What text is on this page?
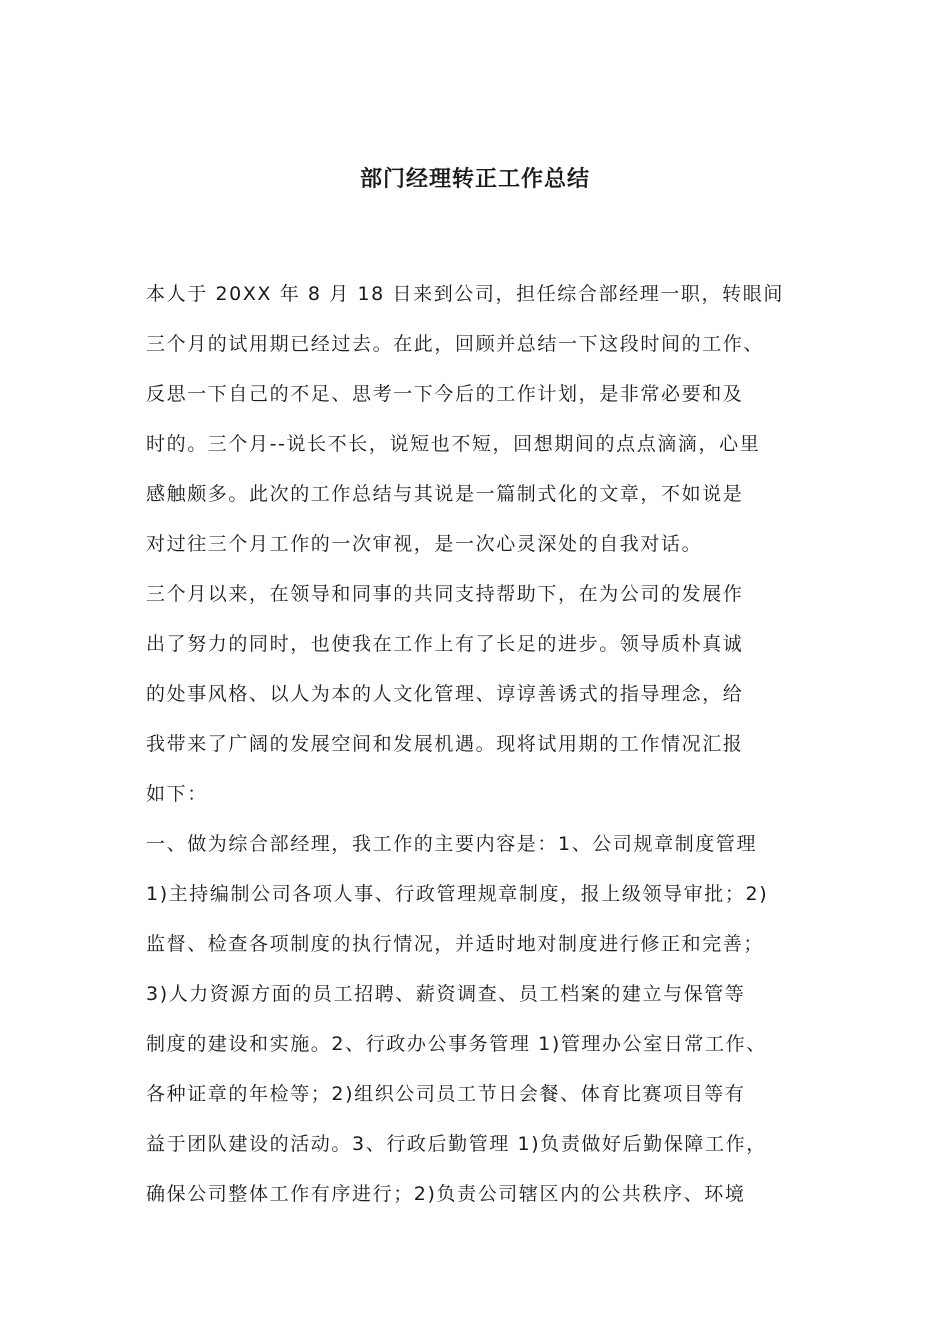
部门经理转正工作总结
本人于 20XX 年 8 月 18 日来到公司，担任综合部经理一职，转眼间
三个月的试用期已经过去。在此，回顾并总结一下这段时间的工作、
反思一下自己的不足、思考一下今后的工作计划，是非常必要和及
时的。三个月--说长不长，说短也不短，回想期间的点点滴滴，心里
感触颇多。此次的工作总结与其说是一篇制式化的文章，不如说是
对过往三个月工作的一次审视，是一次心灵深处的自我对话。
三个月以来，在领导和同事的共同支持帮助下，在为公司的发展作
出了努力的同时，也使我在工作上有了长足的进步。领导质朴真诚
的处事风格、以人为本的人文化管理、谆谆善诱式的指导理念，给
我带来了广阔的发展空间和发展机遇。现将试用期的工作情况汇报
如下：
一、做为综合部经理，我工作的主要内容是：1、公司规章制度管理
1)主持编制公司各项人事、行政管理规章制度，报上级领导审批；2)
监督、检查各项制度的执行情况，并适时地对制度进行修正和完善；
3)人力资源方面的员工招聘、薪资调查、员工档案的建立与保管等
制度的建设和实施。2、行政办公事务管理 1)管理办公室日常工作、
各种证章的年检等；2)组织公司员工节日会餐、体育比赛项目等有
益于团队建设的活动。3、行政后勤管理 1)负责做好后勤保障工作，
确保公司整体工作有序进行；2)负责公司辖区内的公共秩序、环境
